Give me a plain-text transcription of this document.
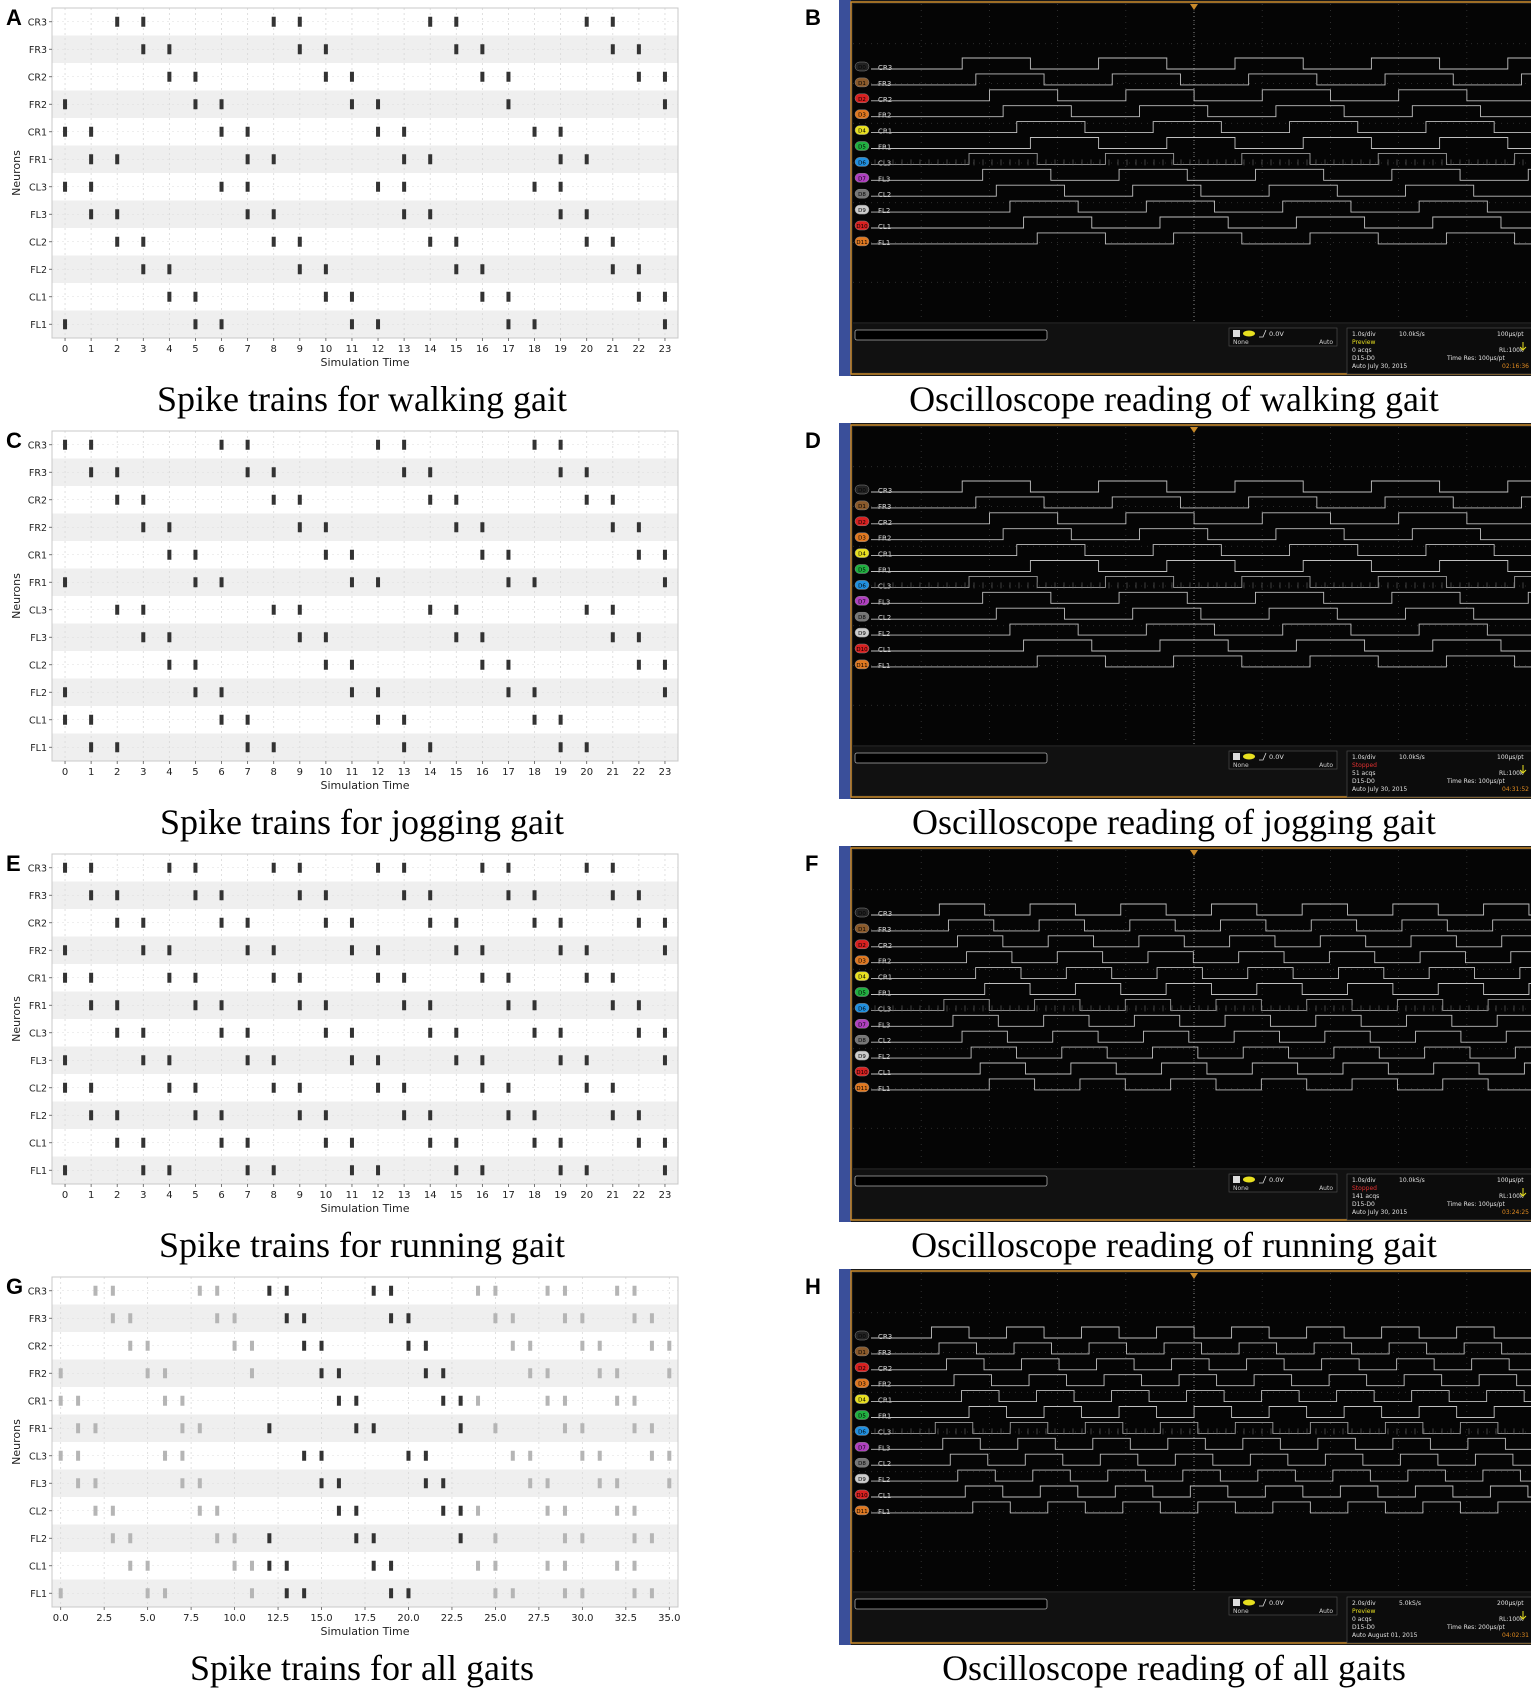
A CR3
FR3
CR2
FR2
CR1
FR1
CL3
FL3
CL2
FL2
CL1
FL1
0 1 2 3 4 5 6 7 8 9 10 11 12 13 14 15 16 17 18 19 20 21 22 23
Simulation Time
Neurons
Spike trains for walking gait
C CR3
FR3
CR2
FR2
CR1
FR1
CL3
FL3
CL2
FL2
CL1
FL1
0 1 2 3 4 5 6 7 8 9 10 11 12 13 14 15 16 17 18 19 20 21 22 23
Simulation Time
Neurons
Spike trains for jogging gait
E CR3
FR3
CR2
FR2
CR1
FR1
CL3
FL3
CL2
FL2
CL1
FL1
0 1 2 3 4 5 6 7 8 9 10 11 12 13 14 15 16 17 18 19 20 21 22 23
Simulation Time
Neurons
Spike trains for running gait
G CR3
FR3
CR2
FR2
CR1
FR1
CL3
FL3
CL2
FL2
CL1
FL1
0.0	2.5	5.0	7.5 10.0 12.5 15.0 17.5 20.0 22.5 25.0 27.5 30.0 32.5 35.0
Simulation Time
Neurons
Spike trains for all gaits
B
D0 CR3
D1 FR3
D2 CR2
D3 FR2
D4 CR1
D5 FR1
D6 CL3
D7 FL3
D8 CL2
D9 FL2
D10 CL1
D11 FL1
0.0V
None	Auto
1.0s/div	10.0kS/s	100µs/pt
Preview
0 acqs	RL:100k
D15-D0	Time Res: 100µs/pt
Auto July 30, 2015	02:16:36
Oscilloscope reading of walking gait
D
D0 CR3
D1 FR3
D2 CR2
D3 FR2
D4 CR1
D5 FR1
D6 CL3
D7 FL3
D8 CL2
D9 FL2
D10 CL1
D11 FL1
0.0V
None	Auto
1.0s/div	10.0kS/s	100µs/pt
Stopped
51 acqs	RL:100k
D15-D0	Time Res: 100µs/pt
Auto July 30, 2015	04:31:52
Oscilloscope reading of jogging gait
F
D0 CR3
D1 FR3
D2 CR2
D3 FR2
D4 CR1
D5 FR1
D6 CL3
D7 FL3
D8 CL2
D9 FL2
D10 CL1
D11 FL1
0.0V
None	Auto
1.0s/div	10.0kS/s	100µs/pt
Stopped
141 acqs	RL:100k
D15-D0	Time Res: 100µs/pt
Auto July 30, 2015	03:24:25
Oscilloscope reading of running gait
H
D0 CR3
D1 FR3
D2 CR2
D3 FR2
D4 CR1
D5 FR1
D6 CL3
D7 FL3
D8 CL2
D9 FL2
D10 CL1
D11 FL1
0.0V
None	Auto
2.0s/div	5.0kS/s	200µs/pt
Preview
0 acqs	RL:100k
D15-D0	Time Res: 200µs/pt
Auto August 01, 2015	04:02:31
Oscilloscope reading of all gaits
